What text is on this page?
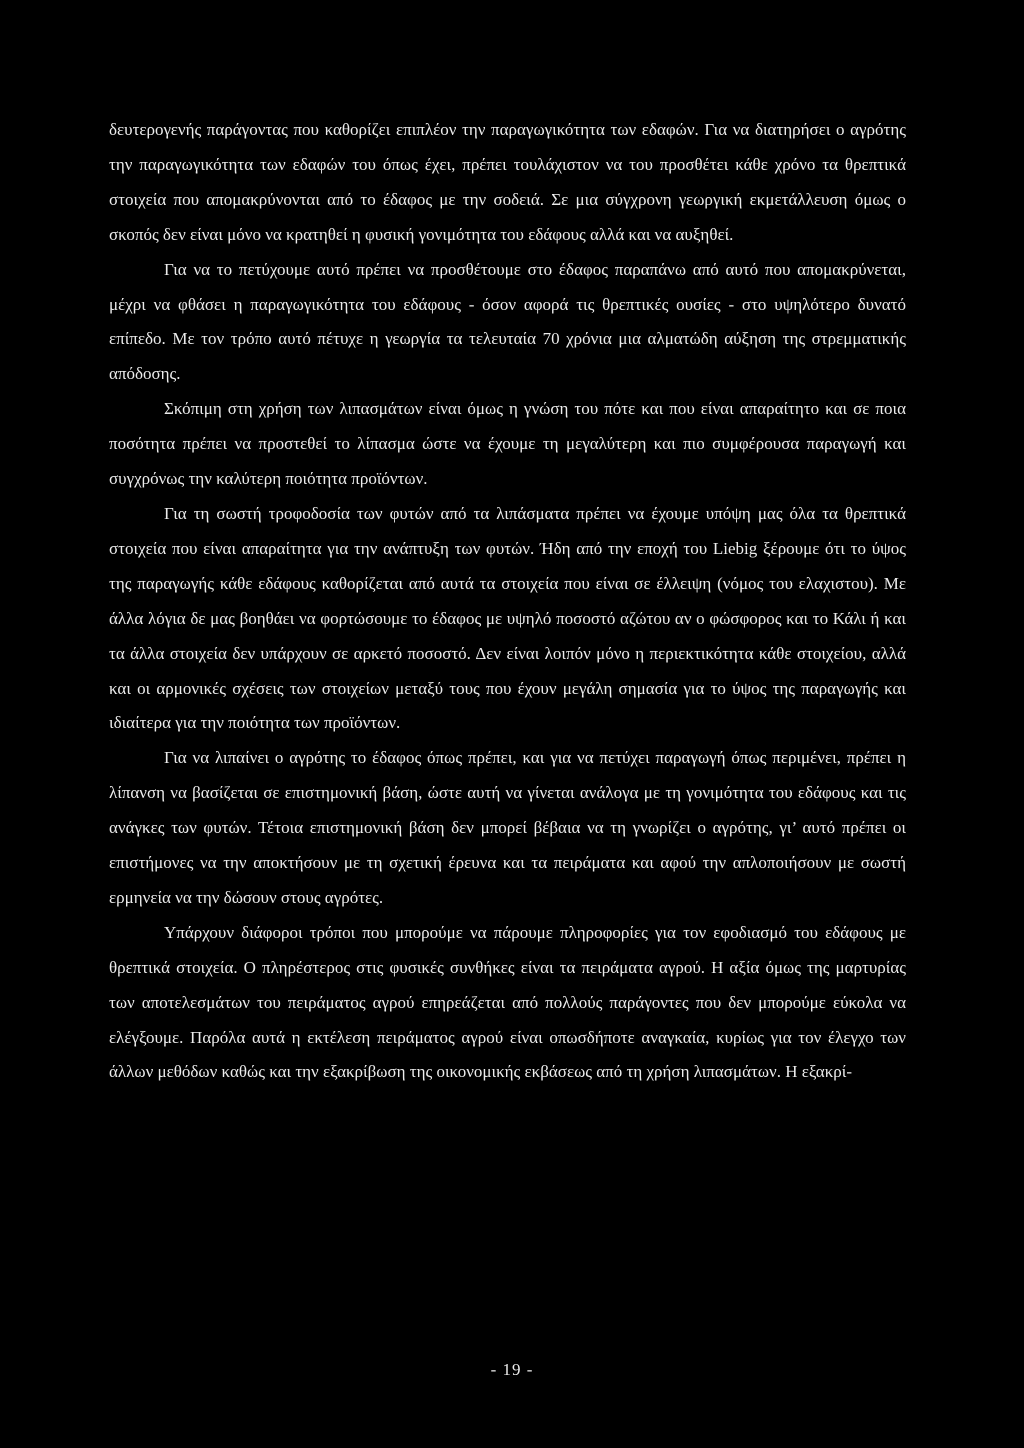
δευτερογενής παράγοντας που καθορίζει επιπλέον την παραγωγικότητα των εδαφών. Για να διατηρήσει ο αγρότης την παραγωγικότητα των εδαφών του όπως έχει, πρέπει τουλάχιστον να του προσθέτει κάθε χρόνο τα θρεπτικά στοιχεία που απομακρύνονται από το έδαφος με την σοδειά. Σε μια σύγχρονη γεωργική εκμετάλλευση όμως ο σκοπός δεν είναι μόνο να κρατηθεί η φυσική γονιμότητα του εδάφους αλλά και να αυξηθεί.

Για να το πετύχουμε αυτό πρέπει να προσθέτουμε στο έδαφος παραπάνω από αυτό που απομακρύνεται, μέχρι να φθάσει η παραγωγικότητα του εδάφους - όσον αφορά τις θρεπτικές ουσίες - στο υψηλότερο δυνατό επίπεδο. Με τον τρόπο αυτό πέτυχε η γεωργία τα τελευταία 70 χρόνια μια αλματώδη αύξηση της στρεμματικής απόδοσης.

Σκόπιμη στη χρήση των λιπασμάτων είναι όμως η γνώση του πότε και που είναι απαραίτητο και σε ποια ποσότητα πρέπει να προστεθεί το λίπασμα ώστε να έχουμε τη μεγαλύτερη και πιο συμφέρουσα παραγωγή και συγχρόνως την καλύτερη ποιότητα προϊόντων.

Για τη σωστή τροφοδοσία των φυτών από τα λιπάσματα πρέπει να έχουμε υπόψη μας όλα τα θρεπτικά στοιχεία που είναι απαραίτητα για την ανάπτυξη των φυτών. Ήδη από την εποχή του Liebig ξέρουμε ότι το ύψος της παραγωγής κάθε εδάφους καθορίζεται από αυτά τα στοιχεία που είναι σε έλλειψη (νόμος του ελαχιστου). Με άλλα λόγια δε μας βοηθάει να φορτώσουμε το έδαφος με υψηλό ποσοστό αζώτου αν ο φώσφορος και το Κάλι ή και τα άλλα στοιχεία δεν υπάρχουν σε αρκετό ποσοστό. Δεν είναι λοιπόν μόνο η περιεκτικότητα κάθε στοιχείου, αλλά και οι αρμονικές σχέσεις των στοιχείων μεταξύ τους που έχουν μεγάλη σημασία για το ύψος της παραγωγής και ιδιαίτερα για την ποιότητα των προϊόντων.

Για να λιπαίνει ο αγρότης το έδαφος όπως πρέπει, και για να πετύχει παραγωγή όπως περιμένει, πρέπει η λίπανση να βασίζεται σε επιστημονική βάση, ώστε αυτή να γίνεται ανάλογα με τη γονιμότητα του εδάφους και τις ανάγκες των φυτών. Τέτοια επιστημονική βάση δεν μπορεί βέβαια να τη γνωρίζει ο αγρότης, γι’ αυτό πρέπει οι επιστήμονες να την αποκτήσουν με τη σχετική έρευνα και τα πειράματα και αφού την απλοποιήσουν με σωστή ερμηνεία να την δώσουν στους αγρότες.

Υπάρχουν διάφοροι τρόποι που μπορούμε να πάρουμε πληροφορίες για τον εφοδιασμό του εδάφους με θρεπτικά στοιχεία. Ο πληρέστερος στις φυσικές συνθήκες είναι τα πειράματα αγρού. Η αξία όμως της μαρτυρίας των αποτελεσμάτων του πειράματος αγρού επηρεάζεται από πολλούς παράγοντες που δεν μπορούμε εύκολα να ελέγξουμε. Παρόλα αυτά η εκτέλεση πειράματος αγρού είναι οπωσδήποτε αναγκαία, κυρίως για τον έλεγχο των άλλων μεθόδων καθώς και την εξακρίβωση της οικονομικής εκβάσεως από τη χρήση λιπασμάτων. Η εξακρί-

- 19 -
